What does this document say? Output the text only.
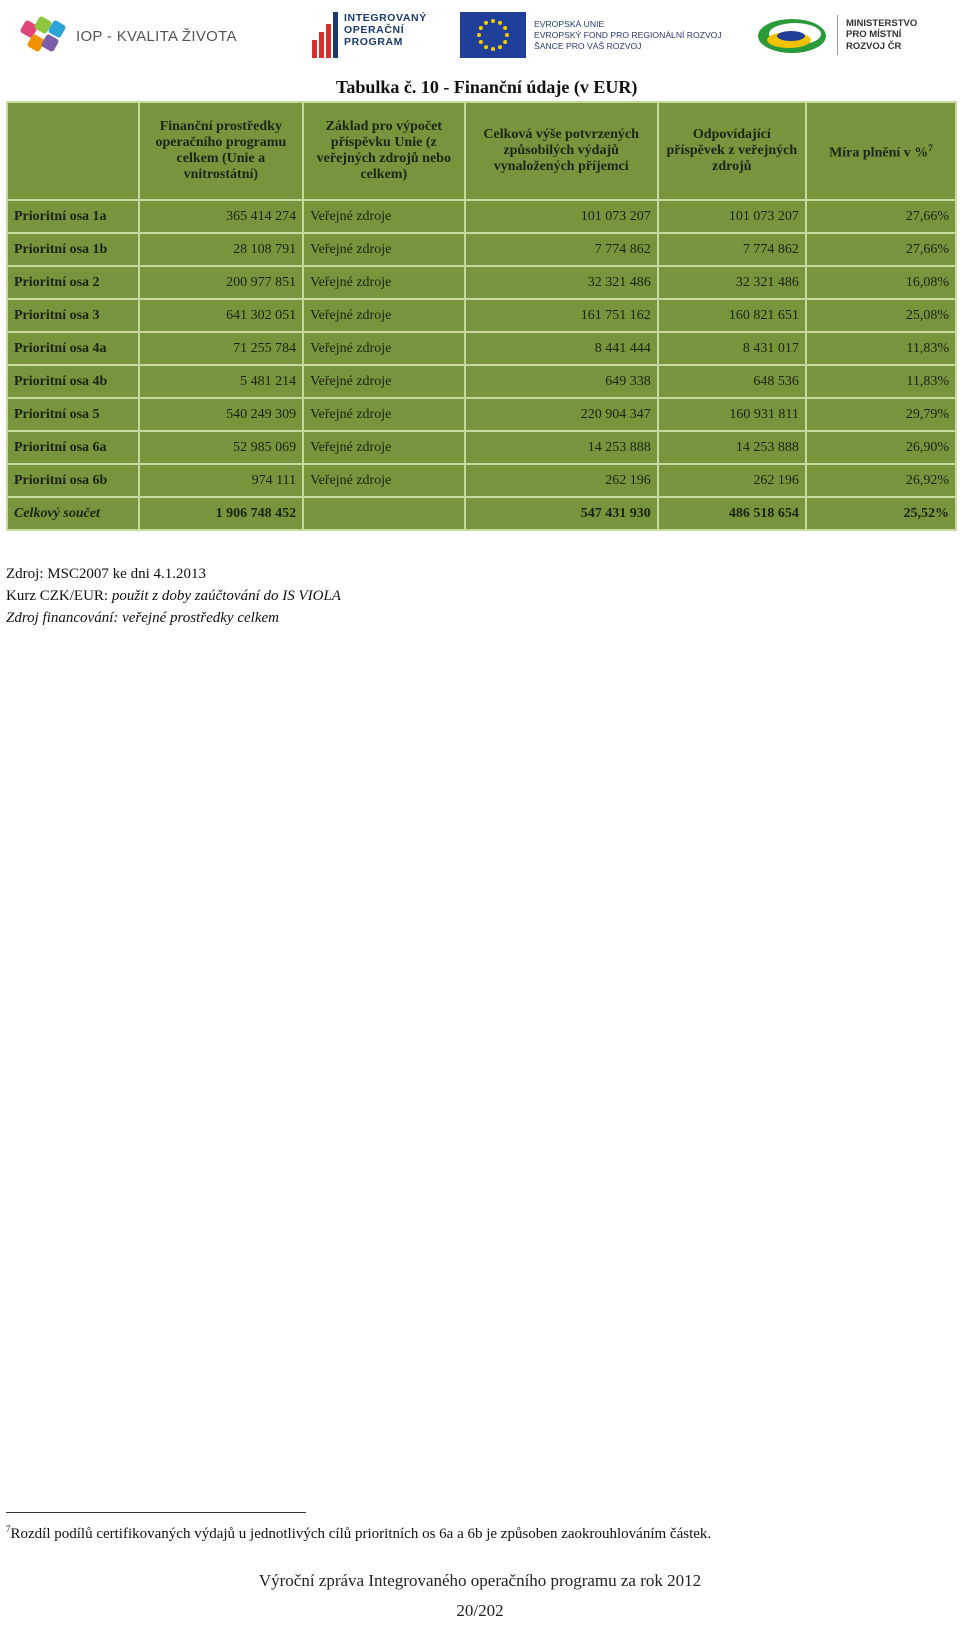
IOP - KVALITA ŽIVOTA
INTEGROVANÝ
OPERAČNÍ
PROGRAM
EVROPSKÁ UNIE
EVROPSKÝ FOND PRO REGIONÁLNÍ ROZVOJ
ŠANCE PRO VÁŠ ROZVOJ
MINISTERSTVO
PRO MÍSTNÍ
ROZVOJ ČR
Tabulka č. 10 - Finanční údaje (v EUR)
	Finanční prostředky operačního programu celkem (Unie a vnitrostátní)	Základ pro výpočet příspěvku Unie (z veřejných zdrojů nebo celkem)	Celková výše potvrzených způsobilých výdajů vynaložených příjemci	Odpovídající příspěvek z veřejných zdrojů	Míra plnění v %$^7$
Prioritní osa 1a	365 414 274	Veřejné zdroje	101 073 207	101 073 207	27,66%
Prioritní osa 1b	28 108 791	Veřejné zdroje	7 774 862	7 774 862	27,66%
Prioritní osa 2	200 977 851	Veřejné zdroje	32 321 486	32 321 486	16,08%
Prioritní osa 3	641 302 051	Veřejné zdroje	161 751 162	160 821 651	25,08%
Prioritní osa 4a	71 255 784	Veřejné zdroje	8 441 444	8 431 017	11,83%
Prioritní osa 4b	5 481 214	Veřejné zdroje	649 338	648 536	11,83%
Prioritní osa 5	540 249 309	Veřejné zdroje	220 904 347	160 931 811	29,79%
Prioritní osa 6a	52 985 069	Veřejné zdroje	14 253 888	14 253 888	26,90%
Prioritní osa 6b	974 111	Veřejné zdroje	262 196	262 196	26,92%
Celkový součet	1 906 748 452		547 431 930	486 518 654	25,52%
Zdroj: MSC2007 ke dni 4.1.2013
Kurz CZK/EUR: použit z doby zaúčtování do IS VIOLA
Zdroj financování: veřejné prostředky celkem
$^7$Rozdíl podílů certifikovaných výdajů u jednotlivých cílů prioritních os 6a a 6b je způsoben zaokrouhlováním částek.
Výroční zpráva Integrovaného operačního programu za rok 2012
20/202
